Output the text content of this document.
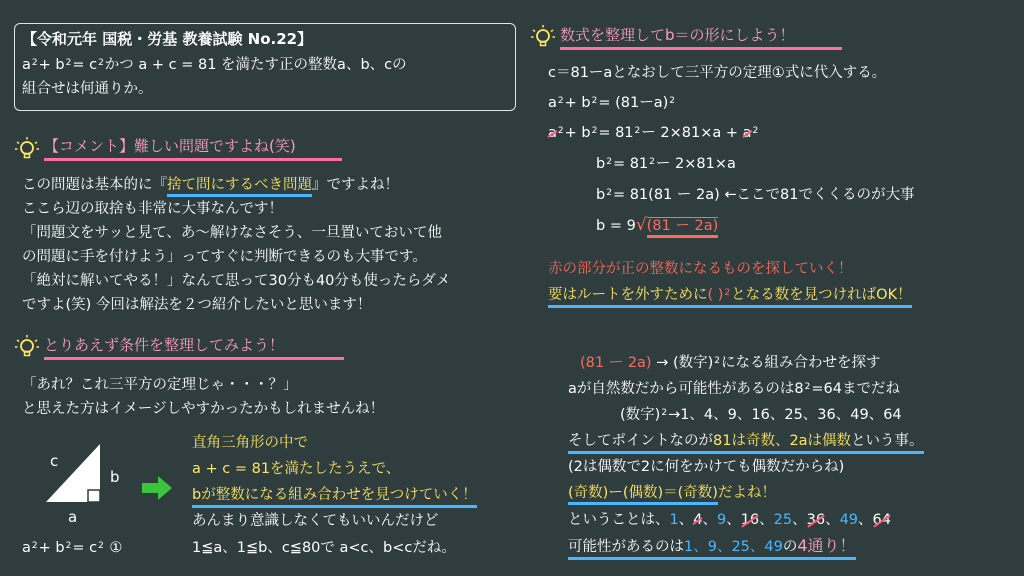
【令和元年 国税・労基 教養試験 No.22】
$a^2+ b^2= c^2$かつ a + c = 81 を満たす正の整数a、b、cの
組合せは何通りか。
【コメント】難しい問題ですよね(笑)
この問題は基本的に『捨て問にするべき問題』ですよね！
ここら辺の取捨も非常に大事なんです！
「問題文をサッと見て、あ～解けなさそう、一旦置いておいて他
の問題に手を付けよう」ってすぐに判断できるのも大事です。
「絶対に解いてやる！」なんて思って30分も40分も使ったらダメ
ですよ(笑) 今回は解法を２つ紹介したいと思います！
とりあえず条件を整理してみよう！
「あれ？これ三平方の定理じゃ・・・？」
と思えた方はイメージしやすかったかもしれませんね！
c
b
a
$a^2+ b^2= c^2$ ①
直角三角形の中で
a + c = 81を満たしたうえで、
bが整数になる組み合わせを見つけていく！
あんまり意識しなくてもいいんだけど
1≦a、1≦b、c≦80で a<c、b<cだね。
数式を整理してb＝の形にしよう！
c＝81ーaとなおして三平方の定理①式に代入する。
$a^2+ b^2= (81$ーa)$^2$
$a^2+ b^2= 81^2$ー $2\times 81\times a + a^2$
$b^2= 81^2$ー 2×81×a
$b^2= 81(81$ ー 2a) ←ここで81でくくるのが大事
b = 9√(81 ー 2a)
赤の部分が正の整数になるものを探していく！
要はルートを外すために( )$^2$となる数を見つければOK！
(81 ー 2a) → (数字)$^2$になる組み合わせを探す
aが自然数だから可能性があるのは$8^2=64$までだね
(数字)$^2$→1、4、9、16、25、36、49、64
そしてポイントなのが81は奇数、2aは偶数という事。
(2は偶数で2に何をかけても偶数だからね)
(奇数)ー(偶数)＝(奇数)だよね！
ということは、1、4、9、16、25、36、49、64
可能性があるのは1、9、25、49の4通り！
